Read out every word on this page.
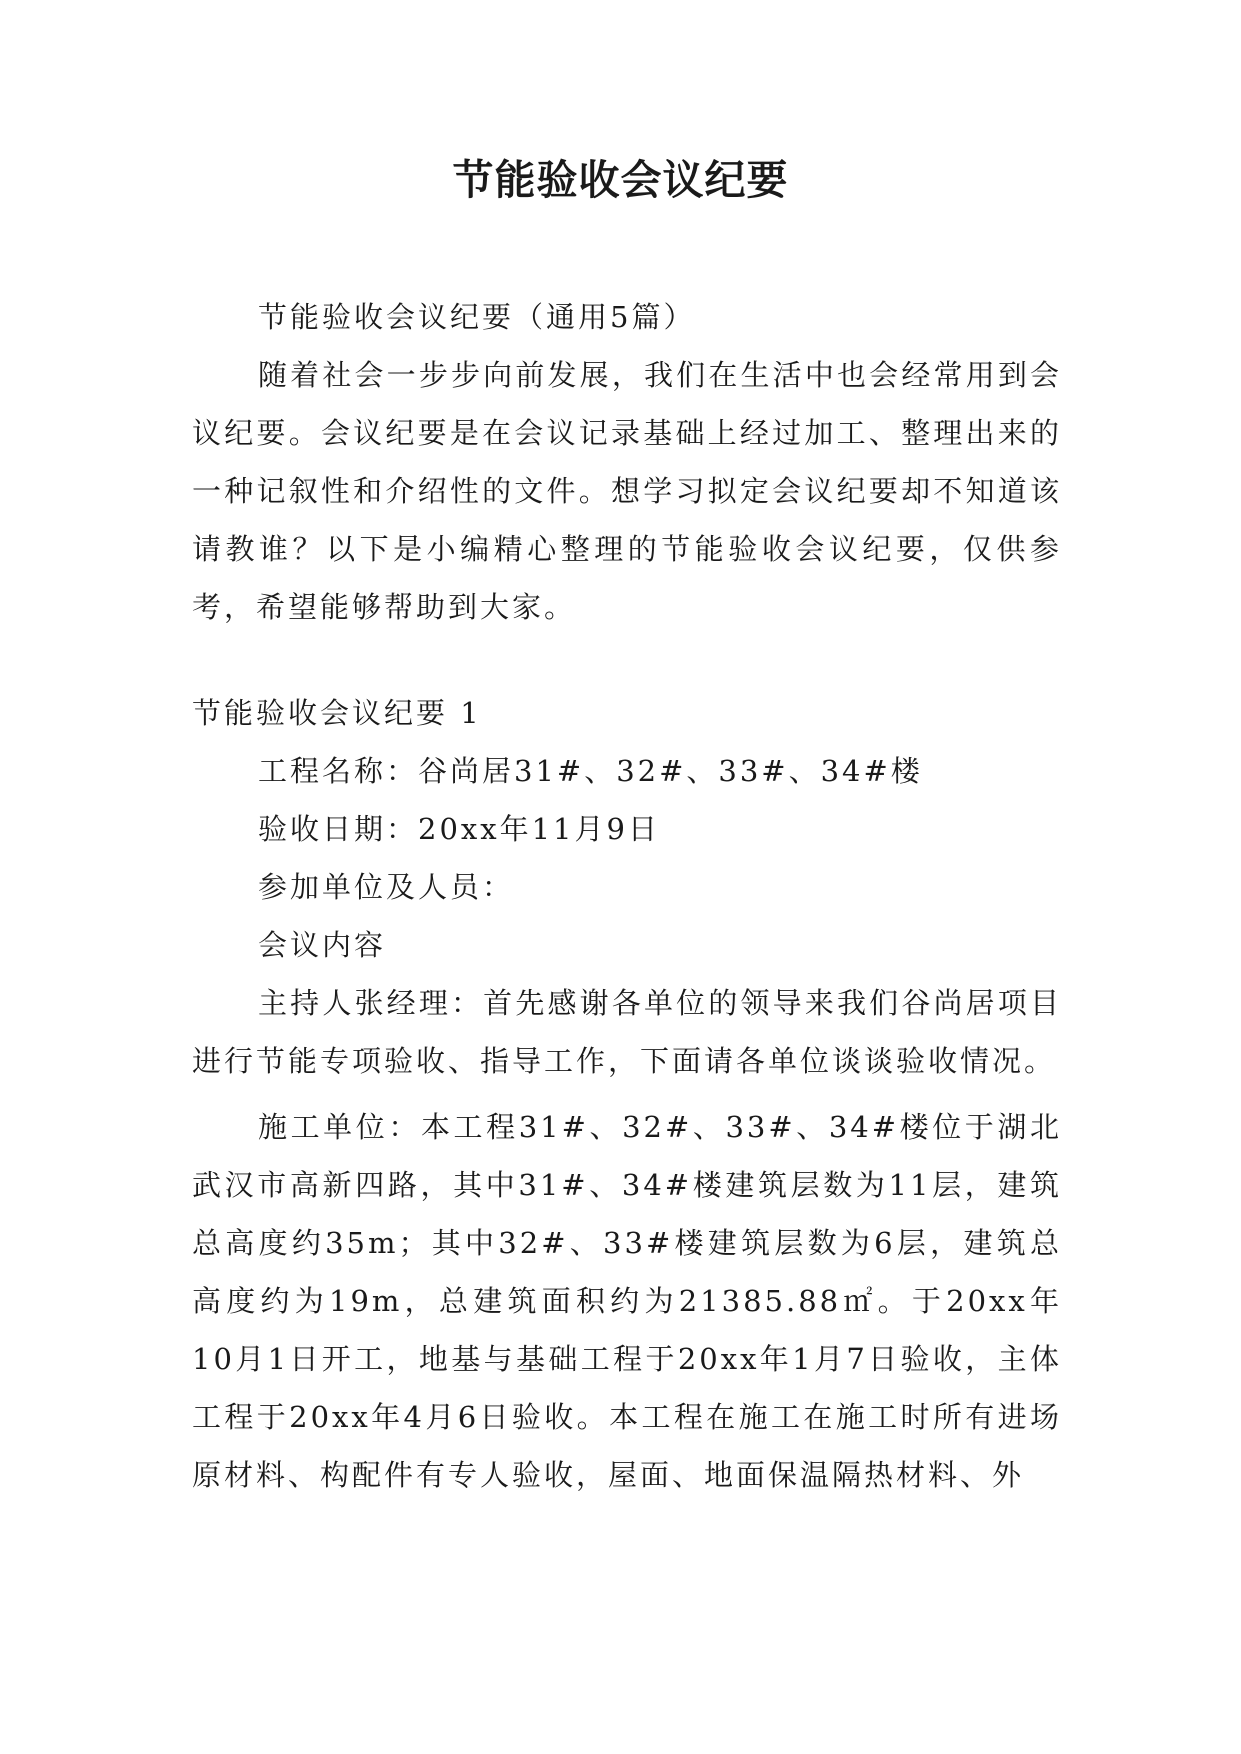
节能验收会议纪要

节能验收会议纪要（通用5篇）

随着社会一步步向前发展，我们在生活中也会经常用到会议纪要。会议纪要是在会议记录基础上经过加工、整理出来的一种记叙性和介绍性的文件。想学习拟定会议纪要却不知道该请教谁？以下是小编精心整理的节能验收会议纪要，仅供参考，希望能够帮助到大家。

节能验收会议纪要 1

工程名称：谷尚居31#、32#、33#、34#楼

验收日期：20xx年11月9日

参加单位及人员：

会议内容

主持人张经理：首先感谢各单位的领导来我们谷尚居项目进行节能专项验收、指导工作，下面请各单位谈谈验收情况。

施工单位：本工程31#、32#、33#、34#楼位于湖北武汉市高新四路，其中31#、34#楼建筑层数为11层，建筑总高度约35m；其中32#、33#楼建筑层数为6层，建筑总高度约为19m，总建筑面积约为21385.88㎡。于20xx年10月1日开工，地基与基础工程于20xx年1月7日验收，主体工程于20xx年4月6日验收。本工程在施工在施工时所有进场原材料、构配件有专人验收，屋面、地面保温隔热材料、外
